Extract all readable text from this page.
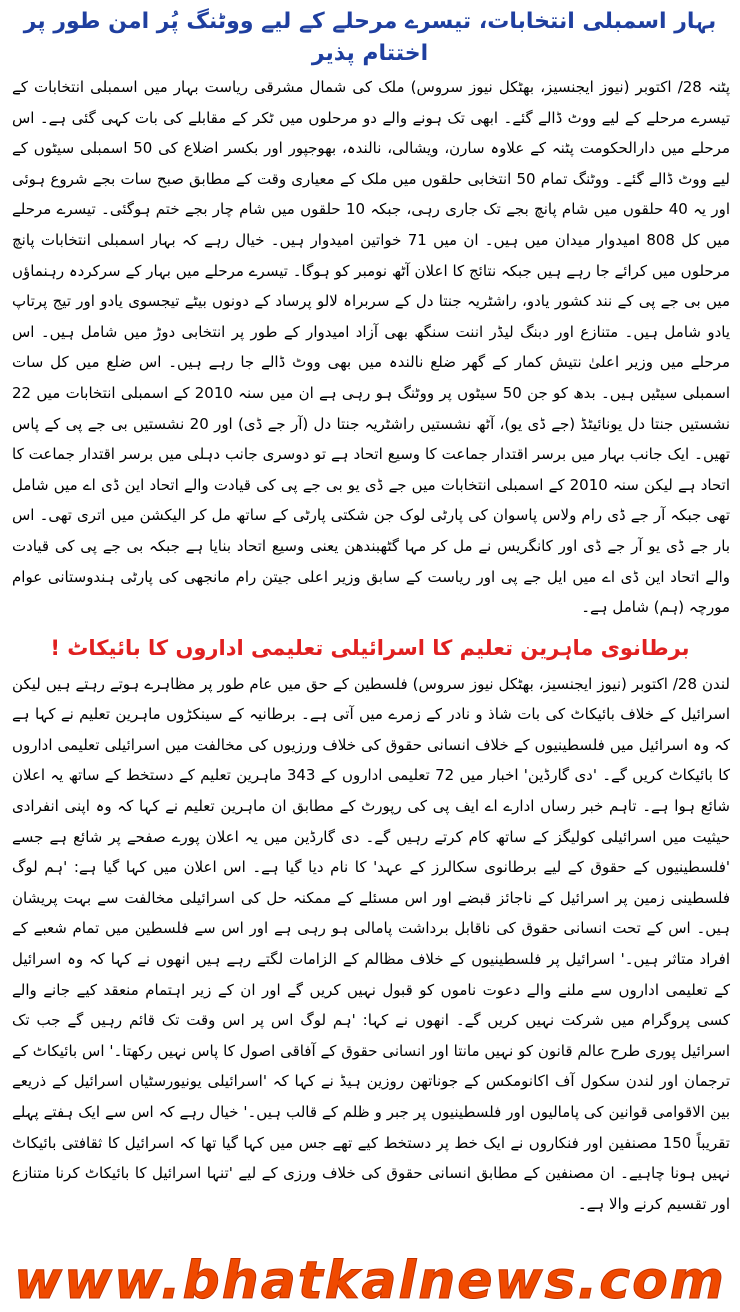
بہار اسمبلی انتخابات، تیسرے مرحلے کے لیے ووٹنگ پُر امن طور پر اختتام پذیر

پٹنہ 28/ اکتوبر (نیوز ایجنسیز، بھٹکل نیوز سروس) ملک کی شمال مشرقی ریاست بہار میں اسمبلی انتخابات کے تیسرے مرحلے کے لیے ووٹ ڈالے گئے۔ ابھی تک ہونے والے دو مرحلوں میں ٹکر کے مقابلے کی بات کہی گئی ہے۔ اس مرحلے میں دارالحکومت پٹنہ کے علاوہ سارن، ویشالی، نالندہ، بھوجپور اور بکسر اضلاع کی 50 اسمبلی سیٹوں کے لیے ووٹ ڈالے گئے۔ ووٹنگ تمام 50 انتخابی حلقوں میں ملک کے معیاری وقت کے مطابق صبح سات بجے شروع ہوئی اور یہ 40 حلقوں میں شام پانچ بجے تک جاری رہی، جبکہ 10 حلقوں میں شام چار بجے ختم ہوگئی۔ تیسرے مرحلے میں کل 808 امیدوار میدان میں ہیں۔ ان میں 71 خواتین امیدوار ہیں۔ خیال رہے کہ بہار اسمبلی انتخابات پانچ مرحلوں میں کرائے جا رہے ہیں جبکہ نتائج کا اعلان آٹھ نومبر کو ہوگا۔ تیسرے مرحلے میں بہار کے سرکردہ رہنماؤں میں بی جے پی کے نند کشور یادو، راشٹریہ جنتا دل کے سربراہ لالو پرساد کے دونوں بیٹے تیجسوی یادو اور تیج پرتاپ یادو شامل ہیں۔ متنازع اور دبنگ لیڈر اننت سنگھ بھی آزاد امیدوار کے طور پر انتخابی دوڑ میں شامل ہیں۔ اس مرحلے میں وزیر اعلیٰ نتیش کمار کے گھر ضلع نالندہ میں بھی ووٹ ڈالے جا رہے ہیں۔ اس ضلع میں کل سات اسمبلی سیٹیں ہیں۔ بدھ کو جن 50 سیٹوں پر ووٹنگ ہو رہی ہے ان میں سنہ 2010 کے اسمبلی انتخابات میں 22 نشستیں جنتا دل یونائیٹڈ (جے ڈی یو)، آٹھ نشستیں راشٹریہ جنتا دل (آر جے ڈی) اور 20 نشستیں بی جے پی کے پاس تھیں۔ ایک جانب بہار میں برسر اقتدار جماعت کا وسیع اتحاد ہے تو دوسری جانب دہلی میں برسر اقتدار جماعت کا اتحاد ہے لیکن سنہ 2010 کے اسمبلی انتخابات میں جے ڈی یو بی جے پی کی قیادت والے اتحاد این ڈی اے میں شامل تھی جبکہ آر جے ڈی رام ولاس پاسوان کی پارٹی لوک جن شکتی پارٹی کے ساتھ مل کر الیکشن میں اتری تھی۔ اس بار جے ڈی یو آر جے ڈی اور کانگریس نے مل کر مہا گٹھبندھن یعنی وسیع اتحاد بنایا ہے جبکہ بی جے پی کی قیادت والے اتحاد این ڈی اے میں ایل جے پی اور ریاست کے سابق وزیر اعلی جیتن رام مانجھی کی پارٹی ہندوستانی عوام مورچہ (ہم) شامل ہے۔

برطانوی ماہرین تعلیم کا اسرائیلی تعلیمی اداروں کا بائیکاٹ !

لندن 28/ اکتوبر (نیوز ایجنسیز، بھٹکل نیوز سروس) فلسطین کے حق میں عام طور پر مظاہرے ہوتے رہتے ہیں لیکن اسرائیل کے خلاف بائیکاٹ کی بات شاذ و نادر کے زمرے میں آتی ہے۔ برطانیہ کے سینکڑوں ماہرین تعلیم نے کہا ہے کہ وہ اسرائیل میں فلسطینیوں کے خلاف انسانی حقوق کی خلاف ورزیوں کی مخالفت میں اسرائیلی تعلیمی اداروں کا بائیکاٹ کریں گے۔ 'دی گارڈین' اخبار میں 72 تعلیمی اداروں کے 343 ماہرین تعلیم کے دستخط کے ساتھ یہ اعلان شائع ہوا ہے۔ تاہم خبر رساں ادارے اے ایف پی کی رپورٹ کے مطابق ان ماہرین تعلیم نے کہا کہ وہ اپنی انفرادی حیثیت میں اسرائیلی کولیگز کے ساتھ کام کرتے رہیں گے۔ دی گارڈین میں یہ اعلان پورے صفحے پر شائع ہے جسے 'فلسطینیوں کے حقوق کے لیے برطانوی سکالرز کے عہد' کا نام دیا گیا ہے۔ اس اعلان میں کہا گیا ہے: 'ہم لوگ فلسطینی زمین پر اسرائیل کے ناجائز قبضے اور اس مسئلے کے ممکنہ حل کی اسرائیلی مخالفت سے بہت پریشان ہیں۔ اس کے تحت انسانی حقوق کی ناقابل برداشت پامالی ہو رہی ہے اور اس سے فلسطین میں تمام شعبے کے افراد متاثر ہیں۔' اسرائیل پر فلسطینیوں کے خلاف مظالم کے الزامات لگتے رہے ہیں انھوں نے کہا کہ وہ اسرائیل کے تعلیمی اداروں سے ملنے والے دعوت ناموں کو قبول نہیں کریں گے اور ان کے زیر اہتمام منعقد کیے جانے والے کسی پروگرام میں شرکت نہیں کریں گے۔ انھوں نے کہا: 'ہم لوگ اس پر اس وقت تک قائم رہیں گے جب تک اسرائیل پوری طرح عالم قانون کو نہیں مانتا اور انسانی حقوق کے آفاقی اصول کا پاس نہیں رکھتا۔' اس بائیکاٹ کے ترجمان اور لندن سکول آف اکانومکس کے جوناتھن روزین ہیڈ نے کہا کہ 'اسرائیلی یونیورسٹیاں اسرائیل کے ذریعے بین الاقوامی قوانین کی پامالیوں اور فلسطینیوں پر جبر و ظلم کے قالب ہیں۔' خیال رہے کہ اس سے ایک ہفتے پہلے تقریباً 150 مصنفین اور فنکاروں نے ایک خط پر دستخط کیے تھے جس میں کہا گیا تھا کہ اسرائیل کا ثقافتی بائیکاٹ نہیں ہونا چاہیے۔ ان مصنفین کے مطابق انسانی حقوق کی خلاف ورزی کے لیے 'تنہا اسرائیل کا بائیکاٹ کرنا متنازع اور تقسیم کرنے والا ہے۔

www.bhatkalnews.com
